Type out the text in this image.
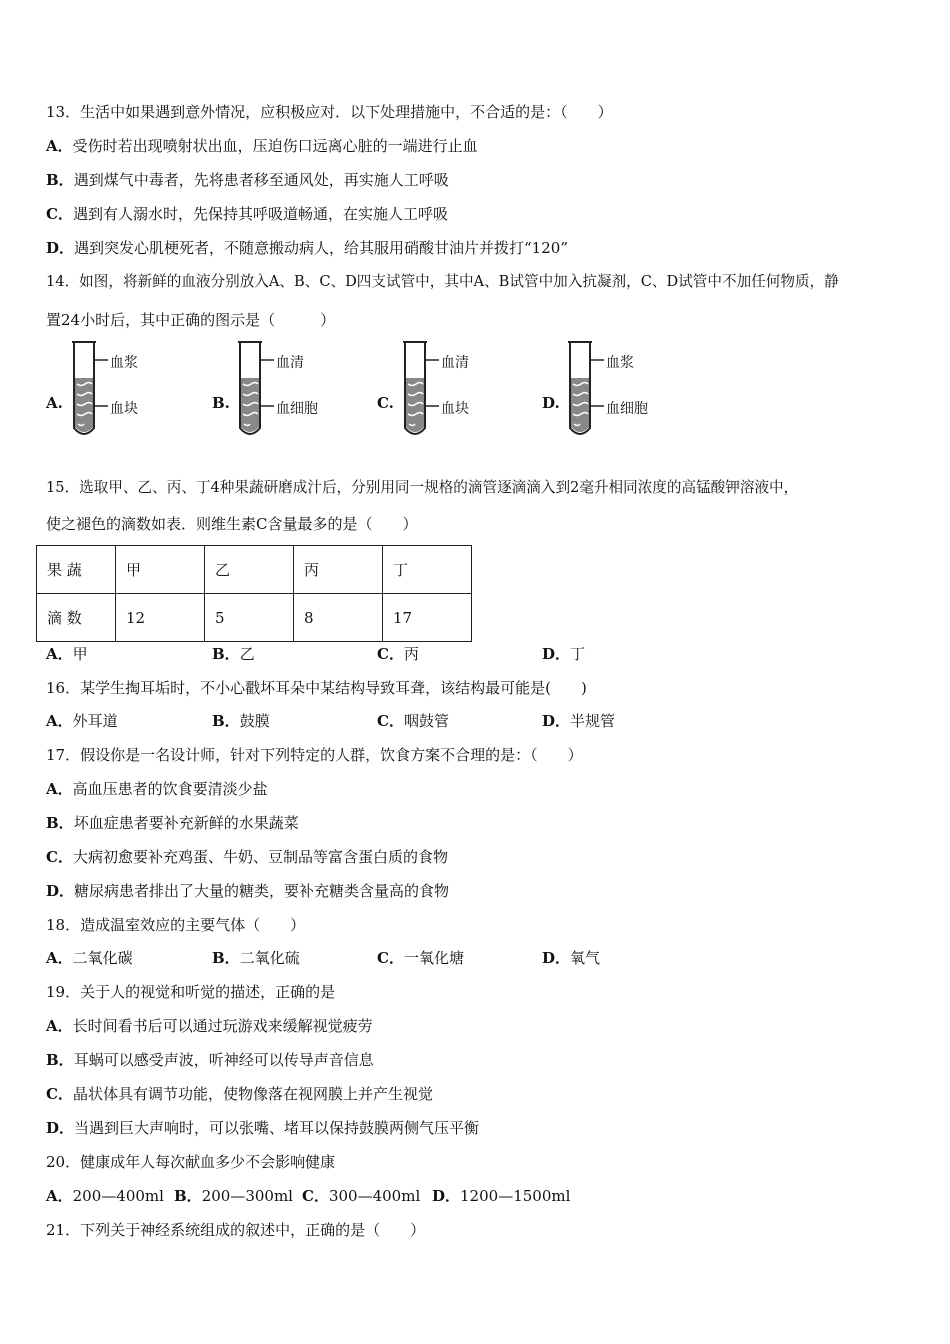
13．生活中如果遇到意外情况，应积极应对．以下处理措施中，不合适的是：（　　）
A．受伤时若出现喷射状出血，压迫伤口远离心脏的一端进行止血
B．遇到煤气中毒者，先将患者移至通风处，再实施人工呼吸
C．遇到有人溺水时，先保持其呼吸道畅通，在实施人工呼吸
D．遇到突发心肌梗死者，不随意搬动病人，给其服用硝酸甘油片并拨打“120”
14．如图，将新鲜的血液分别放入A、B、C、D四支试管中，其中A、B试管中加入抗凝剂，C、D试管中不加任何物质，静
置24小时后，其中正确的图示是（　　　）
A.
血浆
血块	B.
血清
血细胞	C.
血清
血块	D.
血浆
血细胞
15．选取甲、乙、丙、丁4种果蔬研磨成汁后，分别用同一规格的滴管逐滴滴入到2毫升相同浓度的高锰酸钾溶液中，
使之褪色的滴数如表．则维生素C含量最多的是（　　）
果 蔬	甲	乙	丙	丁
滴 数	12	5	8	17
A．甲	B．乙	C．丙	D．丁
16．某学生掏耳垢时，不小心戳坏耳朵中某结构导致耳聋，该结构最可能是(　　)
A．外耳道	B．鼓膜	C．咽鼓管	D．半规管
17．假设你是一名设计师，针对下列特定的人群，饮食方案不合理的是：（　　）
A．高血压患者的饮食要清淡少盐
B．坏血症患者要补充新鲜的水果蔬菜
C．大病初愈要补充鸡蛋、牛奶、豆制品等富含蛋白质的食物
D．糖尿病患者排出了大量的糖类，要补充糖类含量高的食物
18．造成温室效应的主要气体（　　）
A．二氧化碳	B．二氧化硫	C．一氧化塘	D．氧气
19．关于人的视觉和听觉的描述，正确的是
A．长时间看书后可以通过玩游戏来缓解视觉疲劳
B．耳蜗可以感受声波，听神经可以传导声音信息
C．晶状体具有调节功能，使物像落在视网膜上并产生视觉
D．当遇到巨大声响时，可以张嘴、堵耳以保持鼓膜两侧气压平衡
20．健康成年人每次献血多少不会影响健康
A．200—400ml B．200—300ml C．300—400ml D．1200—1500ml
21．下列关于神经系统组成的叙述中，正确的是（　　）
